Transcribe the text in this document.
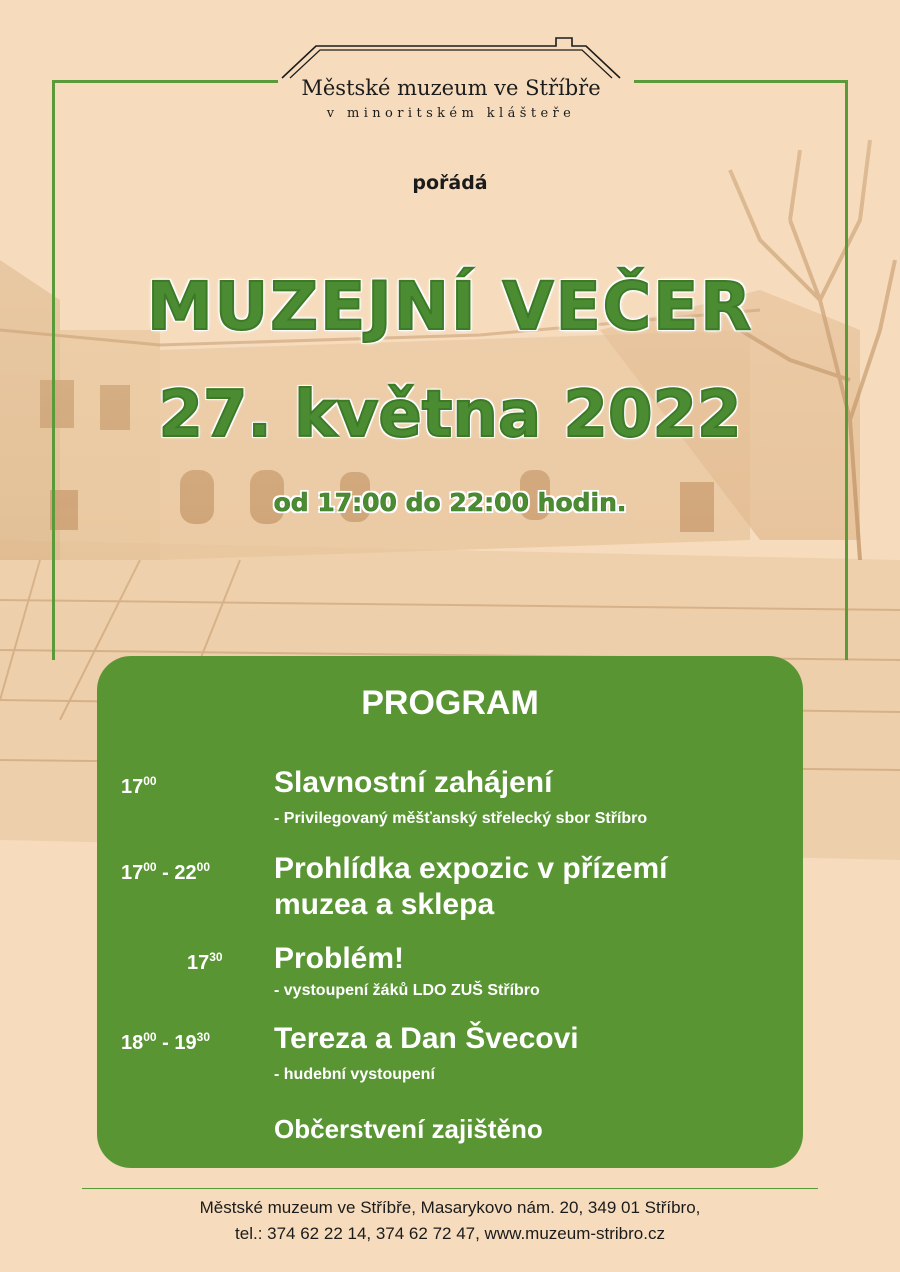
Městské muzeum ve Stříbře
v minoritském klášteře
pořádá
MUZEJNÍ VEČER
27. května 2022
od 17:00 do 22:00 hodin.
PROGRAM
$17^{00}$	Slavnostní zahájení
- Privilegovaný měšťanský střelecký sbor Stříbro
$17^{00} - 22^{00}$ Prohlídka expozic v přízemí
muzea a sklepa
$17^{30}$ Problém!
- vystoupení žáků LDO ZUŠ Stříbro
$18^{00} - 19^{30}$ Tereza a Dan Švecovi
- hudební vystoupení
Občerstvení zajištěno
Městské muzeum ve Stříbře, Masarykovo nám. 20, 349 01 Stříbro,
tel.: 374 62 22 14, 374 62 72 47, www.muzeum-stribro.cz
